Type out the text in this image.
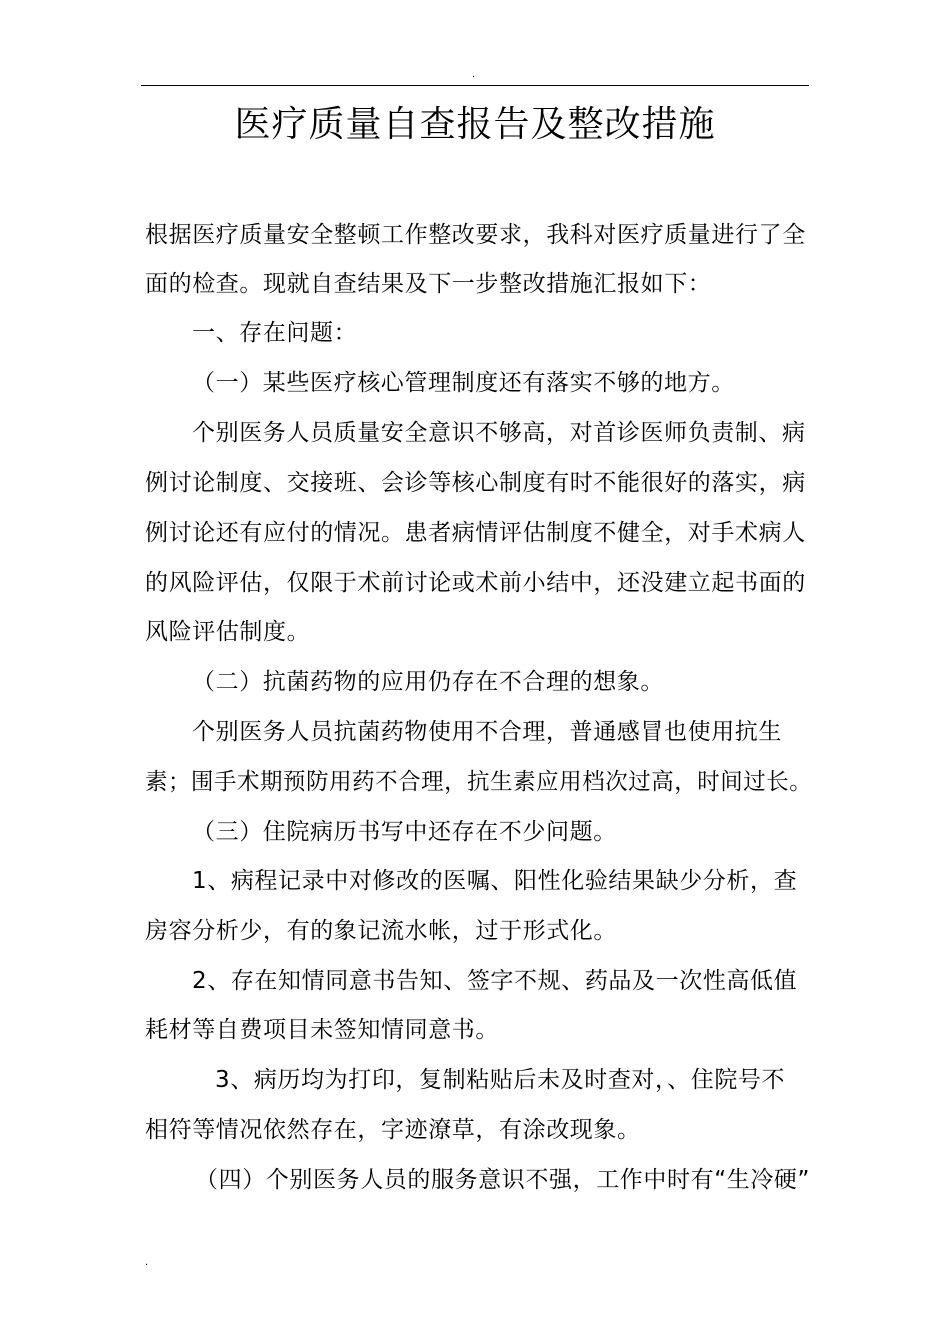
.
医疗质量自查报告及整改措施
根据医疗质量安全整顿工作整改要求，我科对医疗质量进行了全
面的检查。现就自查结果及下一步整改措施汇报如下：
一、存在问题：
（一）某些医疗核心管理制度还有落实不够的地方。
个别医务人员质量安全意识不够高，对首诊医师负责制、病
例讨论制度、交接班、会诊等核心制度有时不能很好的落实，病
例讨论还有应付的情况。患者病情评估制度不健全，对手术病人
的风险评估，仅限于术前讨论或术前小结中，还没建立起书面的
风险评估制度。
（二）抗菌药物的应用仍存在不合理的想象。
个别医务人员抗菌药物使用不合理，普通感冒也使用抗生
素；围手术期预防用药不合理，抗生素应用档次过高，时间过长。
（三）住院病历书写中还存在不少问题。
1、病程记录中对修改的医嘱、阳性化验结果缺少分析，查
房容分析少，有的象记流水帐，过于形式化。
2、存在知情同意书告知、签字不规、药品及一次性高低值
耗材等自费项目未签知情同意书。
3、病历均为打印，复制粘贴后未及时查对，、住院号不
相符等情况依然存在，字迹潦草，有涂改现象。
（四）个别医务人员的服务意识不强，工作中时有“生冷硬”
.
